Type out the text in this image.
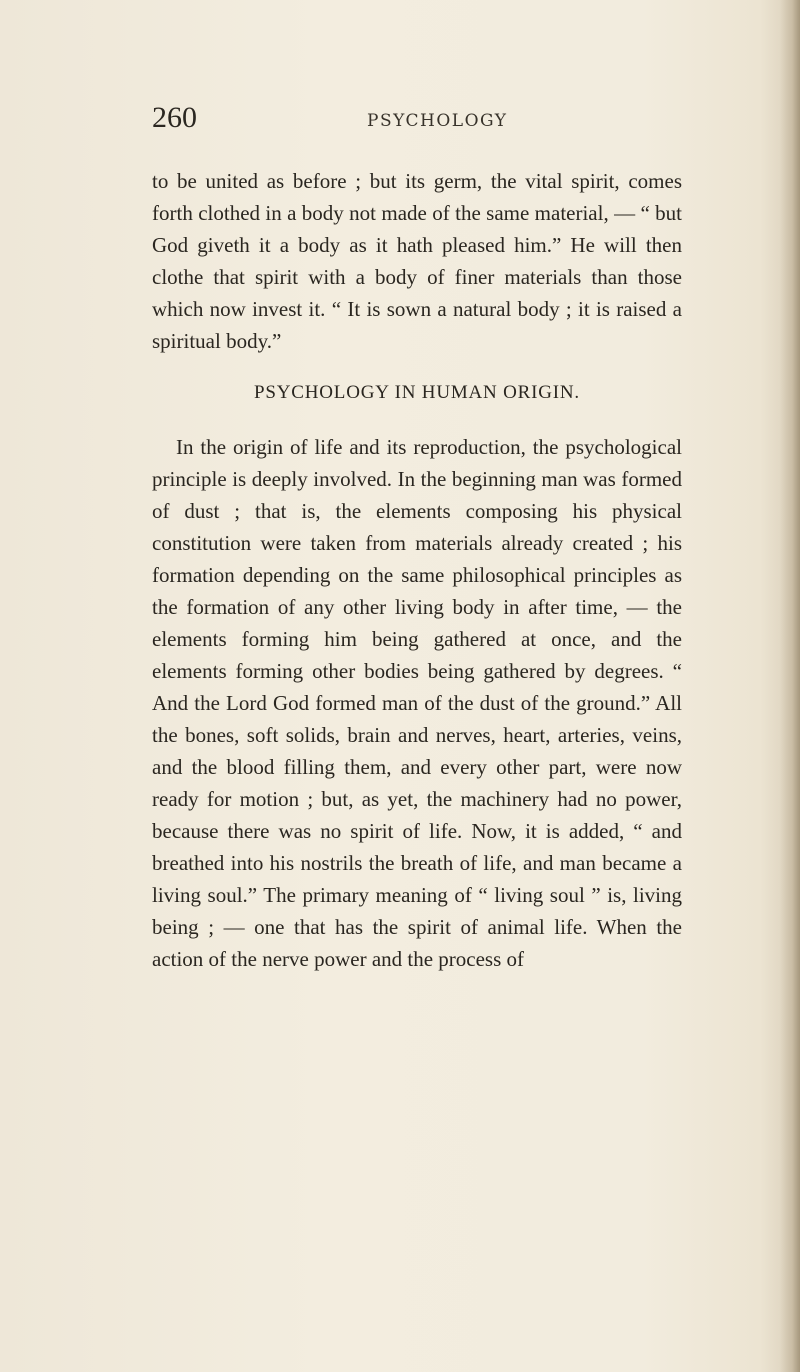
260	PSYCHOLOGY

to be united as before ; but its germ, the vital spirit, comes forth clothed in a body not made of the same material, — “ but God giveth it a body as it hath pleased him.” He will then clothe that spirit with a body of finer materials than those which now invest it. “ It is sown a natural body ; it is raised a spiritual body.”

PSYCHOLOGY IN HUMAN ORIGIN.

In the origin of life and its reproduction, the psychological principle is deeply involved. In the beginning man was formed of dust ; that is, the elements composing his physical constitution were taken from materials already created ; his formation depending on the same philosophical principles as the formation of any other living body in after time, — the elements forming him being gathered at once, and the elements forming other bodies being gathered by degrees. “ And the Lord God formed man of the dust of the ground.” All the bones, soft solids, brain and nerves, heart, arteries, veins, and the blood filling them, and every other part, were now ready for motion ; but, as yet, the machinery had no power, because there was no spirit of life. Now, it is added, “ and breathed into his nostrils the breath of life, and man became a living soul.” The primary meaning of “ living soul ” is, living being ; — one that has the spirit of animal life. When the action of the nerve power and the process of
